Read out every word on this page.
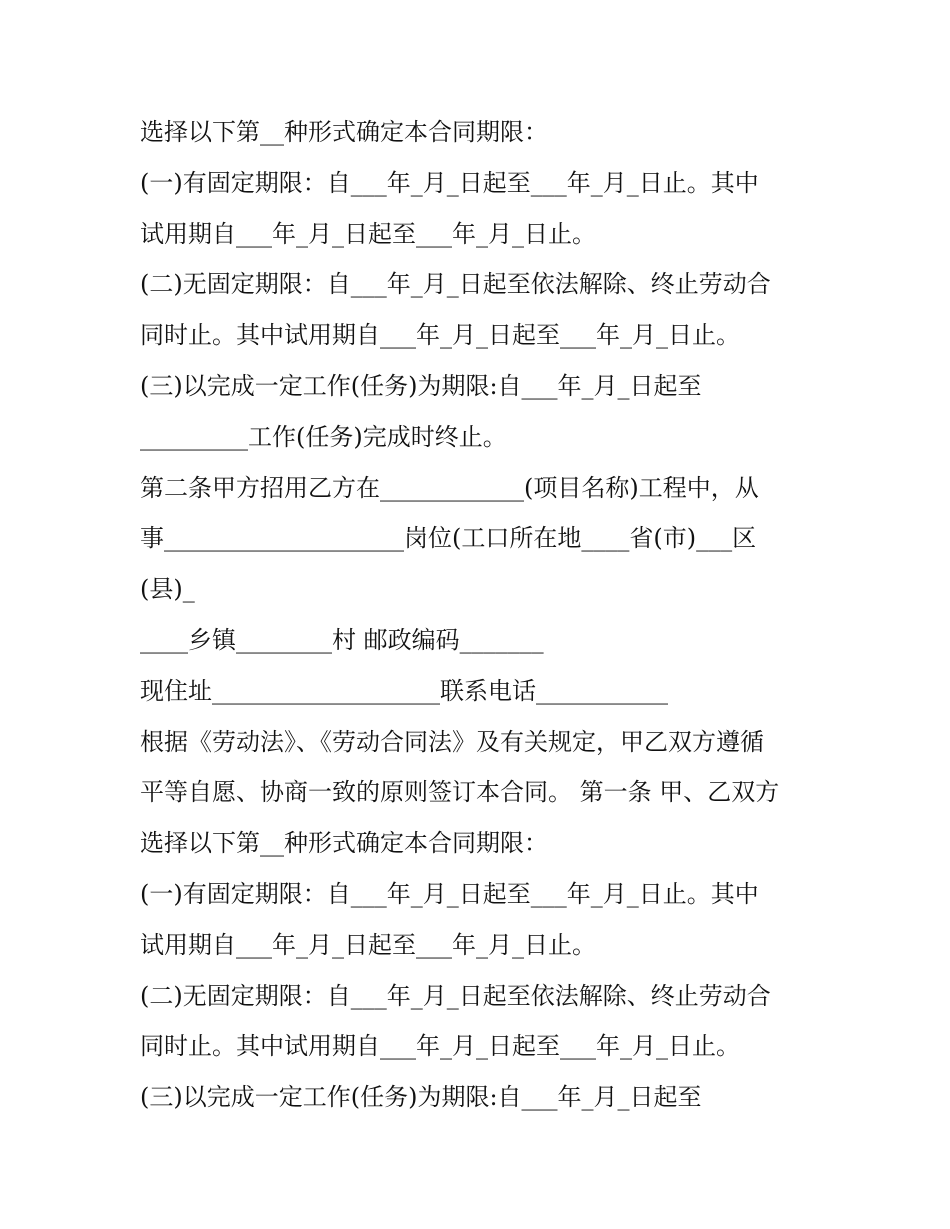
选择以下第__种形式确定本合同期限：
(一)有固定期限：自___年_月_日起至___年_月_日止。其中
试用期自___年_月_日起至___年_月_日止。
(二)无固定期限：自___年_月_日起至依法解除、终止劳动合
同时止。其中试用期自___年_月_日起至___年_月_日止。
(三)以完成一定工作(任务)为期限:自___年_月_日起至
_________工作(任务)完成时终止。
第二条甲方招用乙方在____________(项目名称)工程中，从
事____________________岗位(工口所在地____省(市)___区
(县)_
____乡镇________村 邮政编码_______
现住址___________________联系电话___________
根据《劳动法》、《劳动合同法》及有关规定，甲乙双方遵循
平等自愿、协商一致的原则签订本合同。 第一条 甲、乙双方
选择以下第__种形式确定本合同期限：
(一)有固定期限：自___年_月_日起至___年_月_日止。其中
试用期自___年_月_日起至___年_月_日止。
(二)无固定期限：自___年_月_日起至依法解除、终止劳动合
同时止。其中试用期自___年_月_日起至___年_月_日止。
(三)以完成一定工作(任务)为期限:自___年_月_日起至
